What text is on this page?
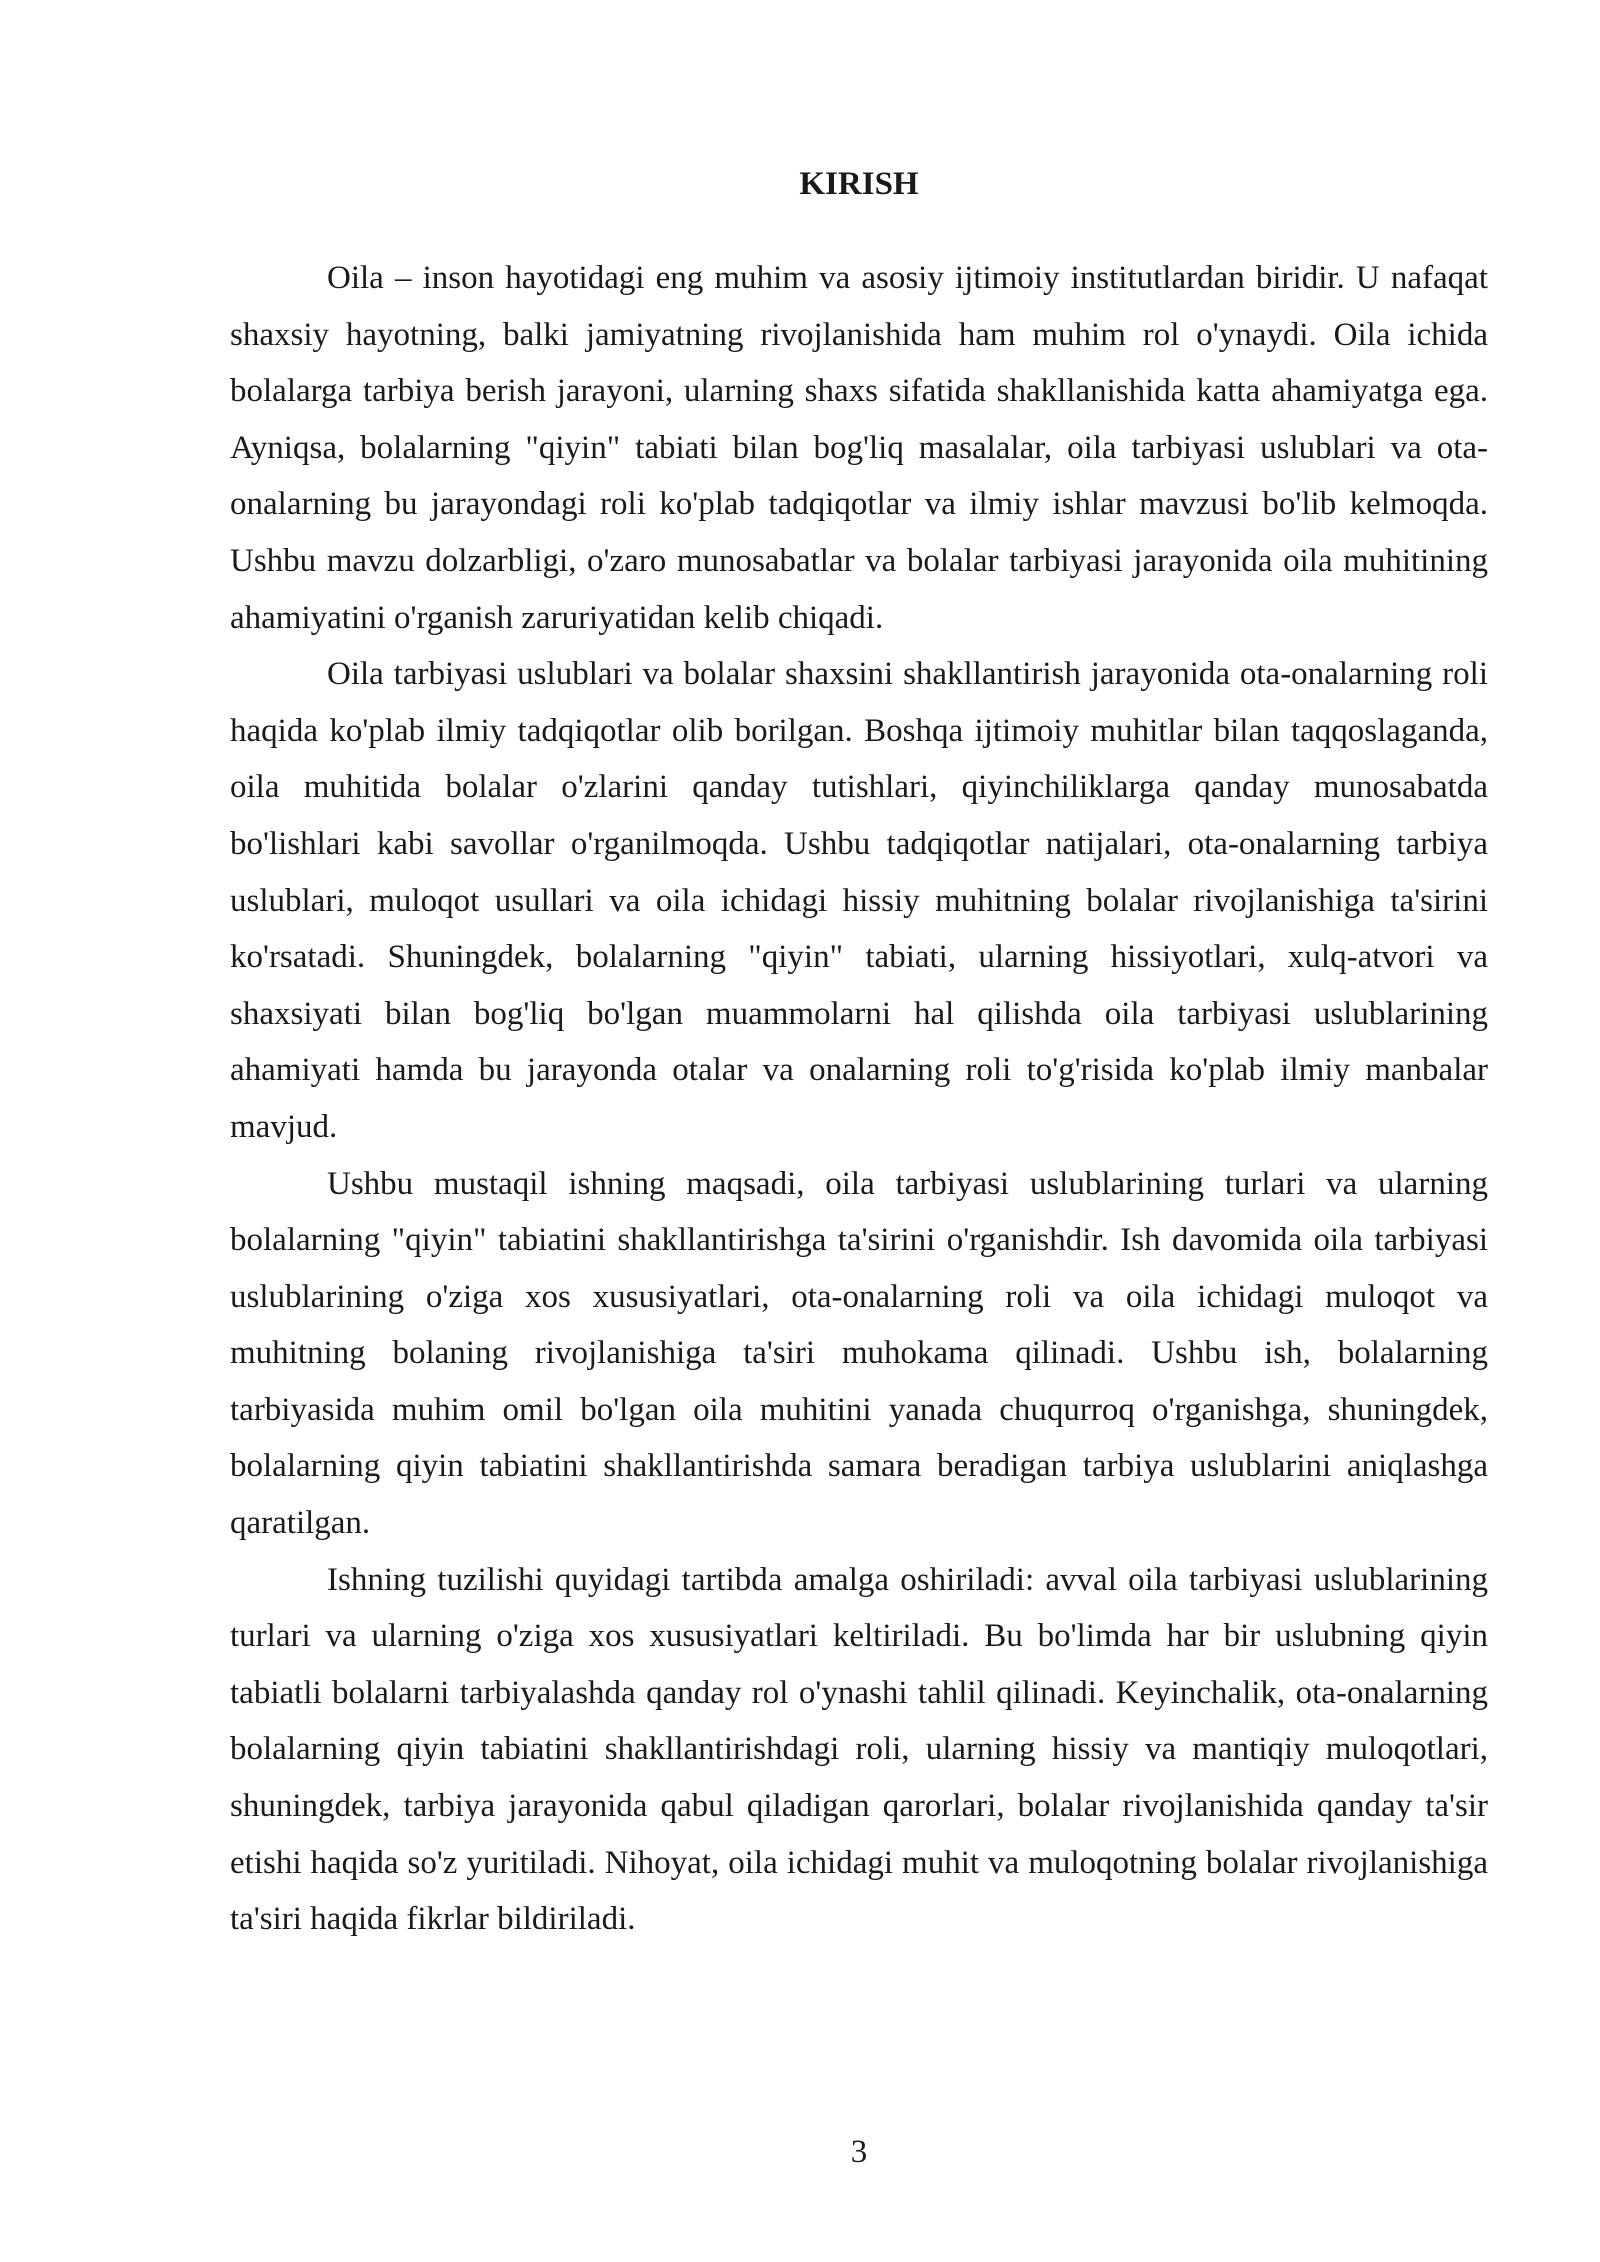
KIRISH

Oila – inson hayotidagi eng muhim va asosiy ijtimoiy institutlardan biridir. U nafaqat shaxsiy hayotning, balki jamiyatning rivojlanishida ham muhim rol o'ynaydi. Oila ichida bolalarga tarbiya berish jarayoni, ularning shaxs sifatida shakllanishida katta ahamiyatga ega. Ayniqsa, bolalarning "qiyin" tabiati bilan bog'liq masalalar, oila tarbiyasi uslublari va ota-onalarning bu jarayondagi roli ko'plab tadqiqotlar va ilmiy ishlar mavzusi bo'lib kelmoqda. Ushbu mavzu dolzarbligi, o'zaro munosabatlar va bolalar tarbiyasi jarayonida oila muhitining ahamiyatini o'rganish zaruriyatidan kelib chiqadi.

Oila tarbiyasi uslublari va bolalar shaxsini shakllantirish jarayonida ota-onalarning roli haqida ko'plab ilmiy tadqiqotlar olib borilgan. Boshqa ijtimoiy muhitlar bilan taqqoslaganda, oila muhitida bolalar o'zlarini qanday tutishlari, qiyinchiliklarga qanday munosabatda bo'lishlari kabi savollar o'rganilmoqda. Ushbu tadqiqotlar natijalari, ota-onalarning tarbiya uslublari, muloqot usullari va oila ichidagi hissiy muhitning bolalar rivojlanishiga ta'sirini ko'rsatadi. Shuningdek, bolalarning "qiyin" tabiati, ularning hissiyotlari, xulq-atvori va shaxsiyati bilan bog'liq bo'lgan muammolarni hal qilishda oila tarbiyasi uslublarining ahamiyati hamda bu jarayonda otalar va onalarning roli to'g'risida ko'plab ilmiy manbalar mavjud.

Ushbu mustaqil ishning maqsadi, oila tarbiyasi uslublarining turlari va ularning bolalarning "qiyin" tabiatini shakllantirishga ta'sirini o'rganishdir. Ish davomida oila tarbiyasi uslublarining o'ziga xos xususiyatlari, ota-onalarning roli va oila ichidagi muloqot va muhitning bolaning rivojlanishiga ta'siri muhokama qilinadi. Ushbu ish, bolalarning tarbiyasida muhim omil bo'lgan oila muhitini yanada chuqurroq o'rganishga, shuningdek, bolalarning qiyin tabiatini shakllantirishda samara beradigan tarbiya uslublarini aniqlashga qaratilgan.

Ishning tuzilishi quyidagi tartibda amalga oshiriladi: avval oila tarbiyasi uslublarining turlari va ularning o'ziga xos xususiyatlari keltiriladi. Bu bo'limda har bir uslubning qiyin tabiatli bolalarni tarbiyalashda qanday rol o'ynashi tahlil qilinadi. Keyinchalik, ota-onalarning bolalarning qiyin tabiatini shakllantirishdagi roli, ularning hissiy va mantiqiy muloqotlari, shuningdek, tarbiya jarayonida qabul qiladigan qarorlari, bolalar rivojlanishida qanday ta'sir etishi haqida so'z yuritiladi. Nihoyat, oila ichidagi muhit va muloqotning bolalar rivojlanishiga ta'siri haqida fikrlar bildiriladi.

3
